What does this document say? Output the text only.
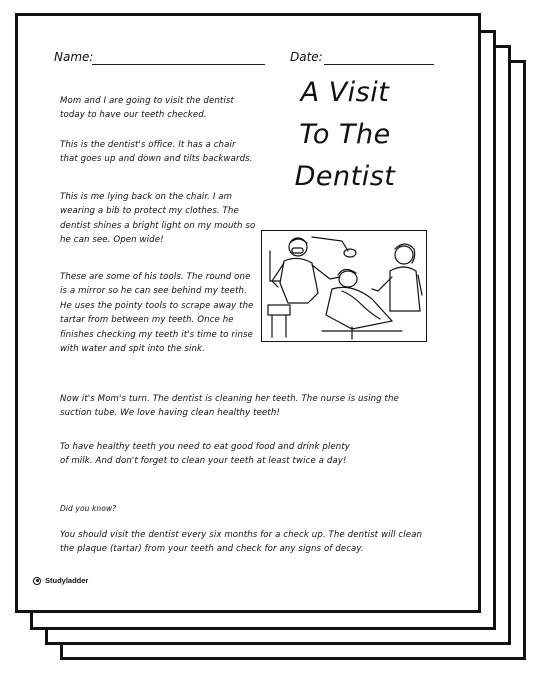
Name:	Date:
A Visit
To The
Dentist

Mom and I are going to visit the dentist today to have our teeth checked.

This is the dentist's office. It has a chair that goes up and down and tilts backwards.

This is me lying back on the chair. I am wearing a bib to protect my clothes. The dentist shines a bright light on my mouth so he can see. Open wide!

These are some of his tools. The round one is a mirror so he can see behind my teeth. He uses the pointy tools to scrape away the tartar from between my teeth. Once he finishes checking my teeth it's time to rinse with water and spit into the sink.

Now it's Mom's turn. The dentist is cleaning her teeth. The nurse is using the suction tube. We love having clean healthy teeth!

To have healthy teeth you need to eat good food and drink plenty of milk. And don't forget to clean your teeth at least twice a day!

Did you know?

You should visit the dentist every six months for a check up. The dentist will clean the plaque (tartar) from your teeth and check for any signs of decay.

Studyladder
